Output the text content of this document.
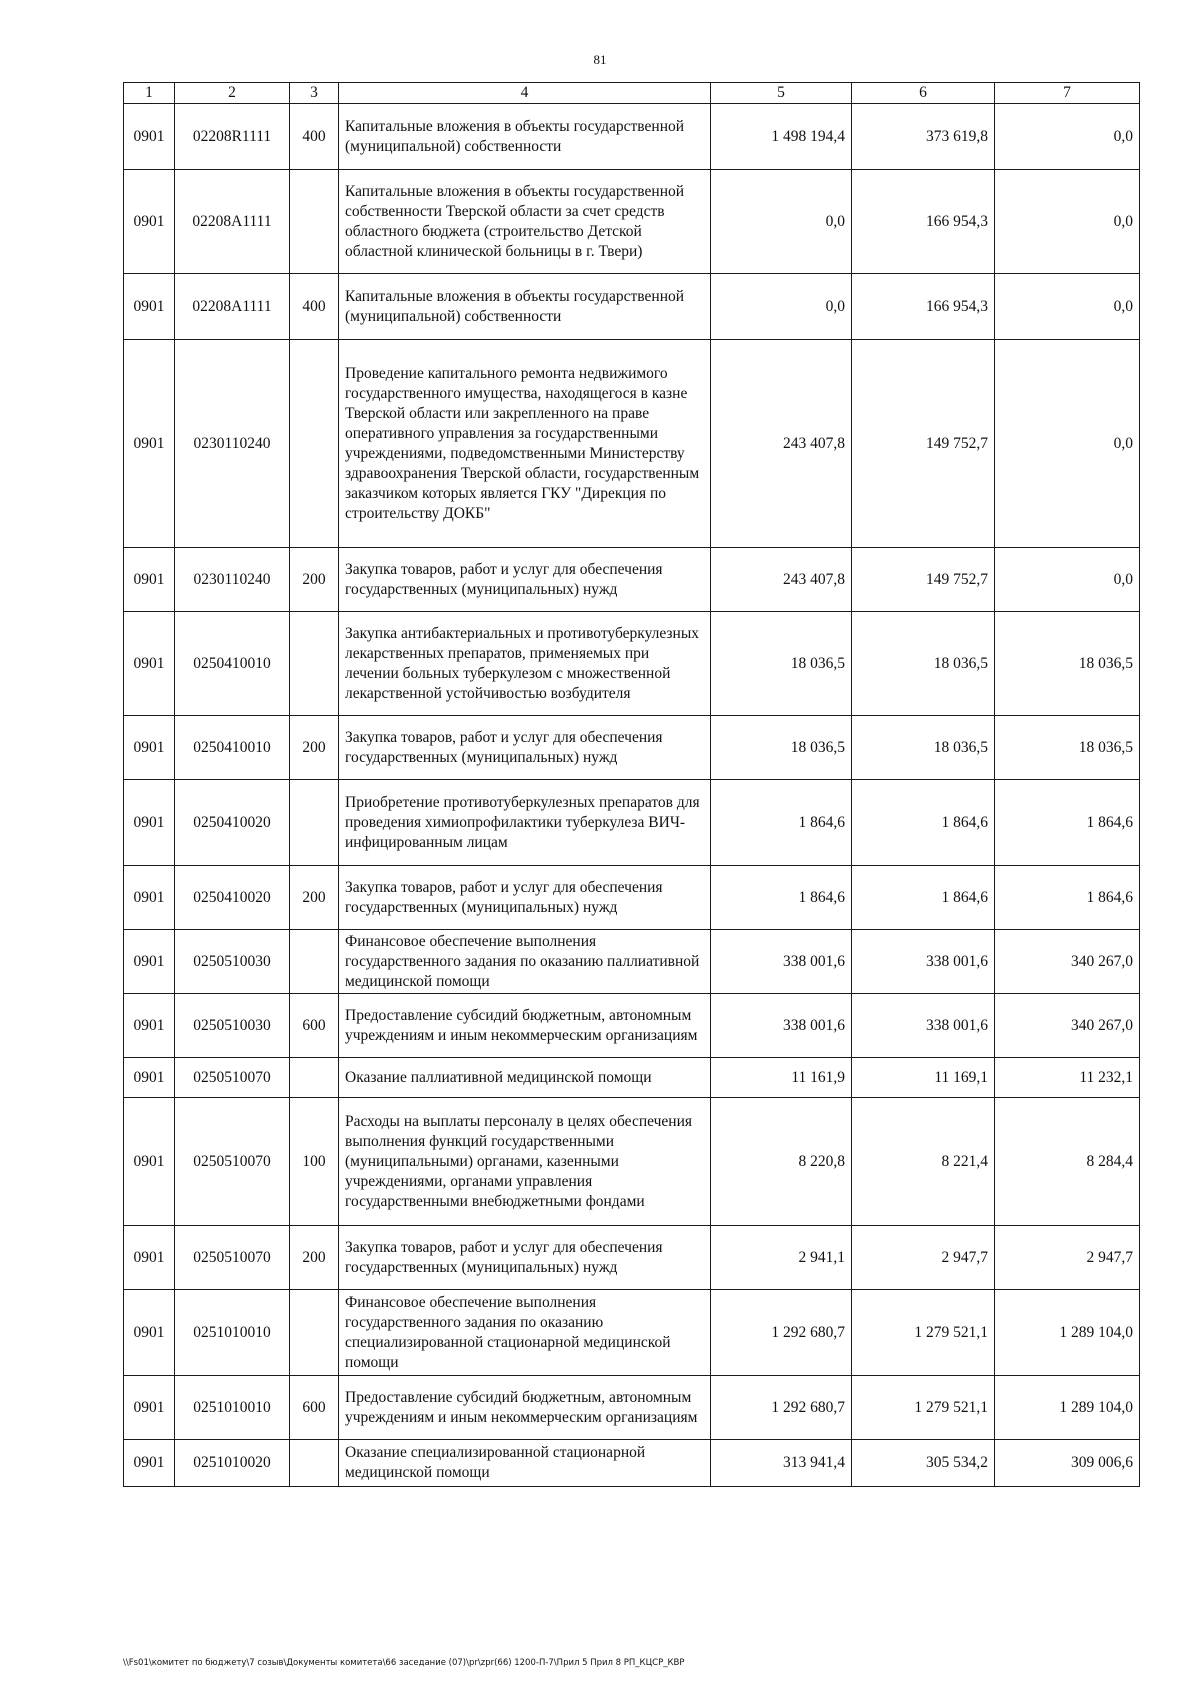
81
1	2	3	4	5	6	7
0901	02208R1111	400	Капитальные вложения в объекты государственной (муниципальной) собственности	1 498 194,4	373 619,8	0,0
0901	02208A1111		Капитальные вложения в объекты государственной собственности Тверской области за счет средств областного бюджета (строительство Детской областной клинической больницы в г. Твери)	0,0	166 954,3	0,0
0901	02208A1111	400	Капитальные вложения в объекты государственной (муниципальной) собственности	0,0	166 954,3	0,0
0901	0230110240		Проведение капитального ремонта недвижимого государственного имущества, находящегося в казне Тверской области или закрепленного на праве оперативного управления за государственными учреждениями, подведомственными Министерству здравоохранения Тверской области, государственным заказчиком которых является ГКУ "Дирекция по строительству ДОКБ"	243 407,8	149 752,7	0,0
0901	0230110240	200	Закупка товаров, работ и услуг для обеспечения государственных (муниципальных) нужд	243 407,8	149 752,7	0,0
0901	0250410010		Закупка антибактериальных и противотуберкулезных лекарственных препаратов, применяемых при лечении больных туберкулезом с множественной лекарственной устойчивостью возбудителя	18 036,5	18 036,5	18 036,5
0901	0250410010	200	Закупка товаров, работ и услуг для обеспечения государственных (муниципальных) нужд	18 036,5	18 036,5	18 036,5
0901	0250410020		Приобретение противотуберкулезных препаратов для проведения химиопрофилактики туберкулеза ВИЧ-инфицированным лицам	1 864,6	1 864,6	1 864,6
0901	0250410020	200	Закупка товаров, работ и услуг для обеспечения государственных (муниципальных) нужд	1 864,6	1 864,6	1 864,6
0901	0250510030		Финансовое обеспечение выполнения государственного задания по оказанию паллиативной медицинской помощи	338 001,6	338 001,6	340 267,0
0901	0250510030	600	Предоставление субсидий бюджетным, автономным учреждениям и иным некоммерческим организациям	338 001,6	338 001,6	340 267,0
0901	0250510070		Оказание паллиативной медицинской помощи	11 161,9	11 169,1	11 232,1
0901	0250510070	100	Расходы на выплаты персоналу в целях обеспечения выполнения функций государственными (муниципальными) органами, казенными учреждениями, органами управления государственными внебюджетными фондами	8 220,8	8 221,4	8 284,4
0901	0250510070	200	Закупка товаров, работ и услуг для обеспечения государственных (муниципальных) нужд	2 941,1	2 947,7	2 947,7
0901	0251010010		Финансовое обеспечение выполнения государственного задания по оказанию специализированной стационарной медицинской помощи	1 292 680,7	1 279 521,1	1 289 104,0
0901	0251010010	600	Предоставление субсидий бюджетным, автономным учреждениям и иным некоммерческим организациям	1 292 680,7	1 279 521,1	1 289 104,0
0901	0251010020		Оказание специализированной стационарной медицинской помощи	313 941,4	305 534,2	309 006,6
\\Fs01\комитет по бюджету\7 созыв\Документы комитета\66 заседание (07)\pr\zpr(66) 1200-П-7\Прил 5 Прил 8 РП_КЦСР_КВР
